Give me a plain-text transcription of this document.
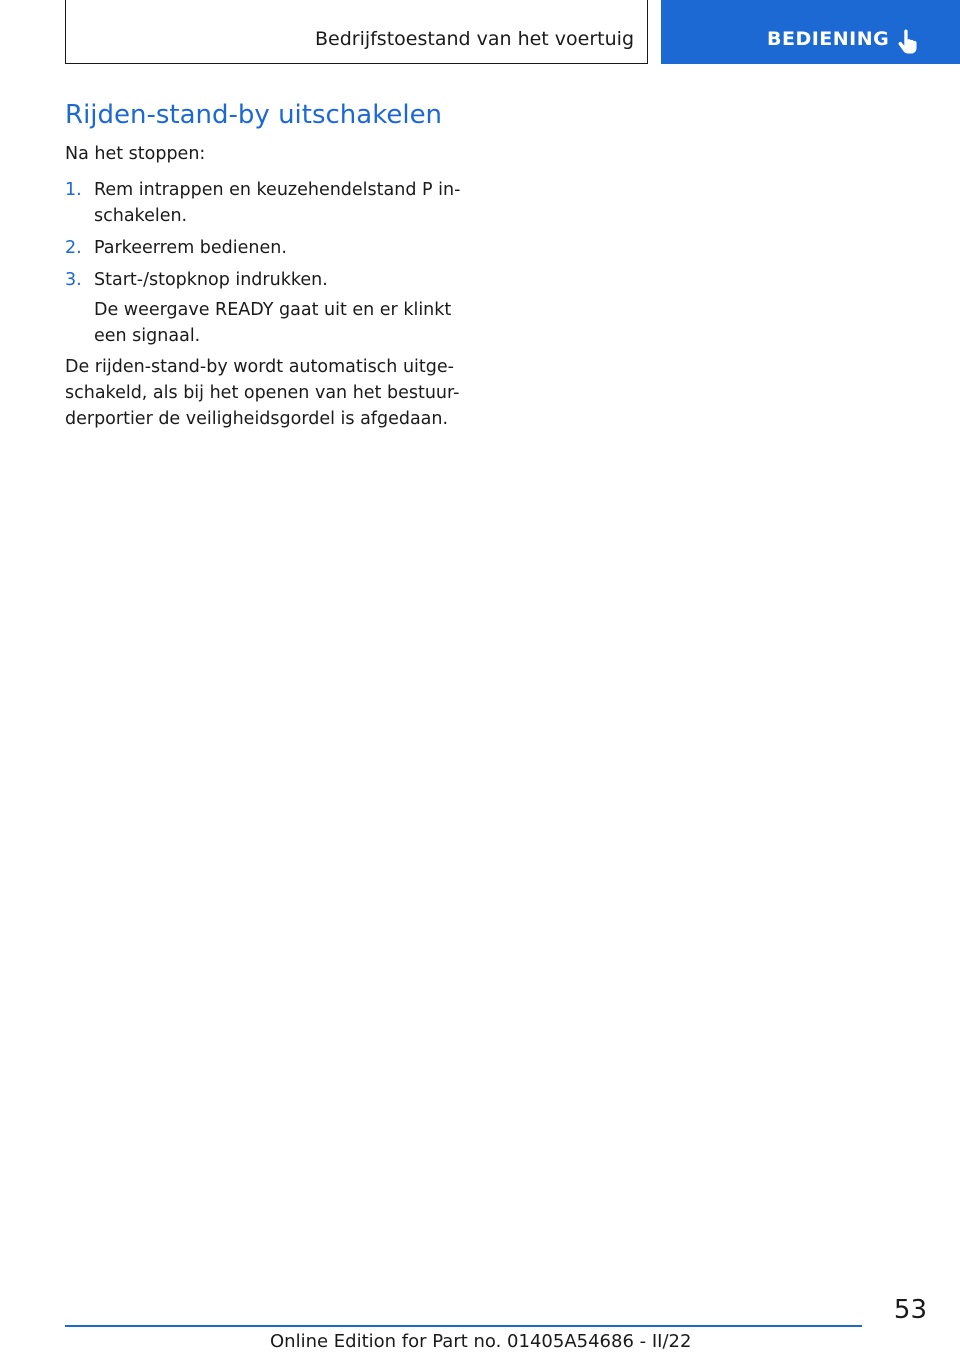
Bedrijfstoestand van het voertuig	BEDIENING
Rijden-stand-by uitschakelen
Na het stoppen:
1. Rem intrappen en keuzehendelstand P in-schakelen.
2. Parkeerrem bedienen.
3. Start-/stopknop indrukken.
De weergave READY gaat uit en er klinkt een signaal.
De rijden-stand-by wordt automatisch uitge-schakeld, als bij het openen van het bestuur-derportier de veiligheidsgordel is afgedaan.
53
Online Edition for Part no. 01405A54686 - II/22
